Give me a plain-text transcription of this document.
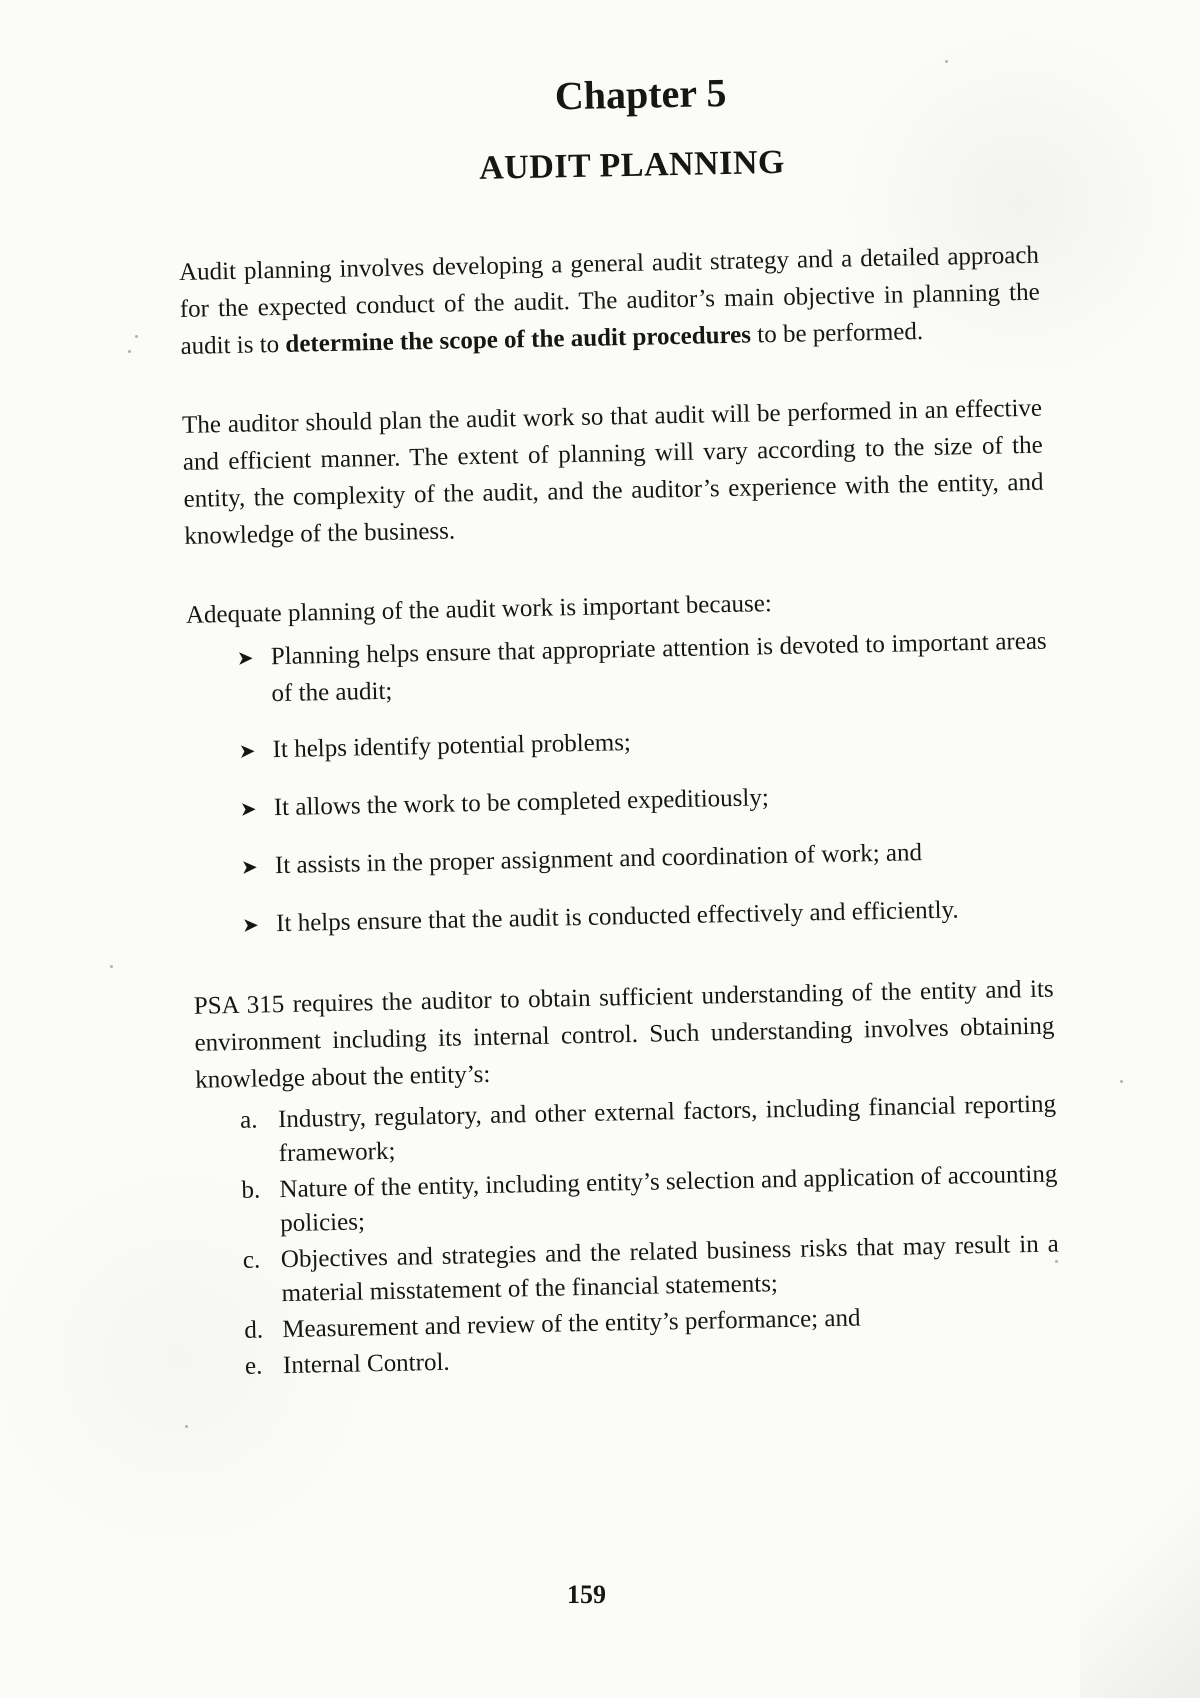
Chapter 5
AUDIT PLANNING

Audit planning involves developing a general audit strategy and a detailed approach for the expected conduct of the audit. The auditor’s main objective in planning the audit is to determine the scope of the audit procedures to be performed.

The auditor should plan the audit work so that audit will be performed in an effective and efficient manner. The extent of planning will vary according to the size of the entity, the complexity of the audit, and the auditor’s experience with the entity, and knowledge of the business.

Adequate planning of the audit work is important because:

➤ Planning helps ensure that appropriate attention is devoted to important areas of the audit;
➤ It helps identify potential problems;
➤ It allows the work to be completed expeditiously;
➤ It assists in the proper assignment and coordination of work; and
➤ It helps ensure that the audit is conducted effectively and efficiently.

PSA 315 requires the auditor to obtain sufficient understanding of the entity and its environment including its internal control. Such understanding involves obtaining knowledge about the entity’s:

a. Industry, regulatory, and other external factors, including financial reporting framework;
b. Nature of the entity, including entity’s selection and application of accounting policies;
c. Objectives and strategies and the related business risks that may result in a material misstatement of the financial statements;
d. Measurement and review of the entity’s performance; and
e. Internal Control.
159
